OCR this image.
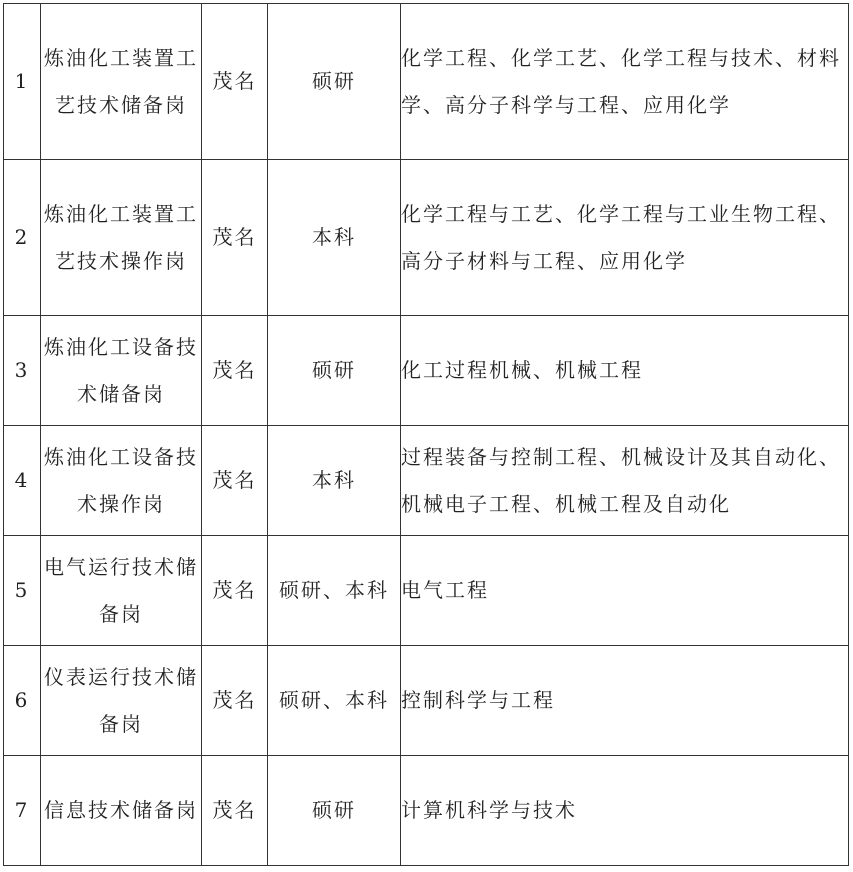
1	炼油化工装置工艺技术储备岗	茂名	硕研	化学工程、化学工艺、化学工程与技术、材料学、高分子科学与工程、应用化学
2	炼油化工装置工艺技术操作岗	茂名	本科	化学工程与工艺、化学工程与工业生物工程、高分子材料与工程、应用化学
3	炼油化工设备技术储备岗	茂名	硕研	化工过程机械、机械工程
4	炼油化工设备技术操作岗	茂名	本科	过程装备与控制工程、机械设计及其自动化、机械电子工程、机械工程及自动化
5	电气运行技术储备岗	茂名	硕研、本科	电气工程
6	仪表运行技术储备岗	茂名	硕研、本科	控制科学与工程
7	信息技术储备岗	茂名	硕研	计算机科学与技术
